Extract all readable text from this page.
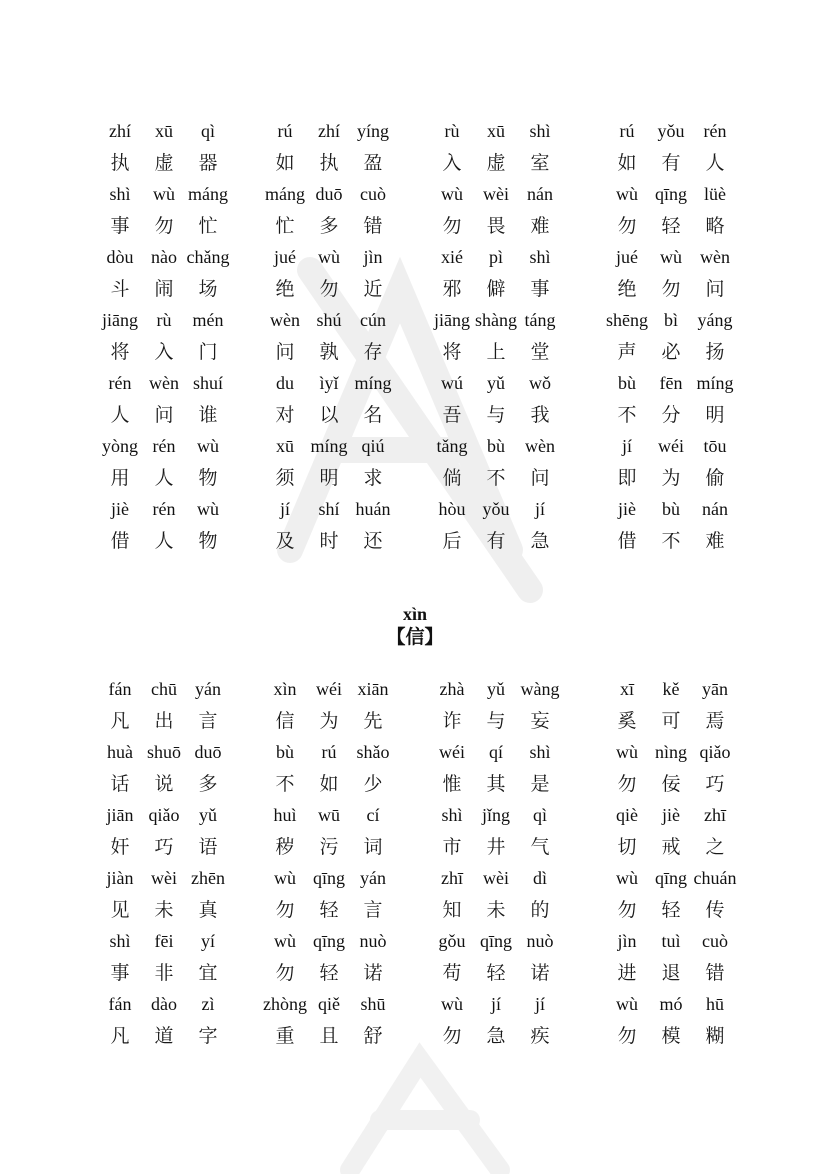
zhí xū qì
执 虚 器
rú zhí yíng
如 执 盈
rù xū shì
入 虚 室
rú yǒu rén
如 有 人
shì wù máng
事 勿 忙
máng duō cuò
忙 多 错
wù wèi nán
勿 畏 难
wù qīng lüè
勿 轻 略
dòu nào chǎng
斗 闹 场
jué wù jìn
绝 勿 近
xié pì shì
邪 僻 事
jué wù wèn
绝 勿 问
jiāng rù mén
将 入 门
wèn shú cún
问 孰 存
jiāng shàng táng
将 上 堂
shēng bì yáng
声 必 扬
rén wèn shuí
人 问 谁
du ìyǐ míng
对 以 名
wú yǔ wǒ
吾 与 我
bù fēn míng
不 分 明
yòng rén wù
用 人 物
xū míng qiú
须 明 求
tǎng bù wèn
倘 不 问
jí wéi tōu
即 为 偷
jiè rén wù
借 人 物
jí shí huán
及 时 还
hòu yǒu jí
后 有 急
jiè bù nán
借 不 难
xìn
【信】
fán chū yán
凡 出 言
xìn wéi xiān
信 为 先
zhà yǔ wàng
诈 与 妄
xī kě yān
奚 可 焉
huà shuō duō
话 说 多
bù rú shǎo
不 如 少
wéi qí shì
惟 其 是
wù nìng qiǎo
勿 佞 巧
jiān qiǎo yǔ
奸 巧 语
huì wū cí
秽 污 词
shì jǐng qì
市 井 气
qiè jiè zhī
切 戒 之
jiàn wèi zhēn
见 未 真
wù qīng yán
勿 轻 言
zhī wèi dì
知 未 的
wù qīng chuán
勿 轻 传
shì fēi yí
事 非 宜
wù qīng nuò
勿 轻 诺
gǒu qīng nuò
苟 轻 诺
jìn tuì cuò
进 退 错
fán dào zì
凡 道 字
zhòng qiě shū
重 且 舒
wù jí jí
勿 急 疾
wù mó hū
勿 模 糊
